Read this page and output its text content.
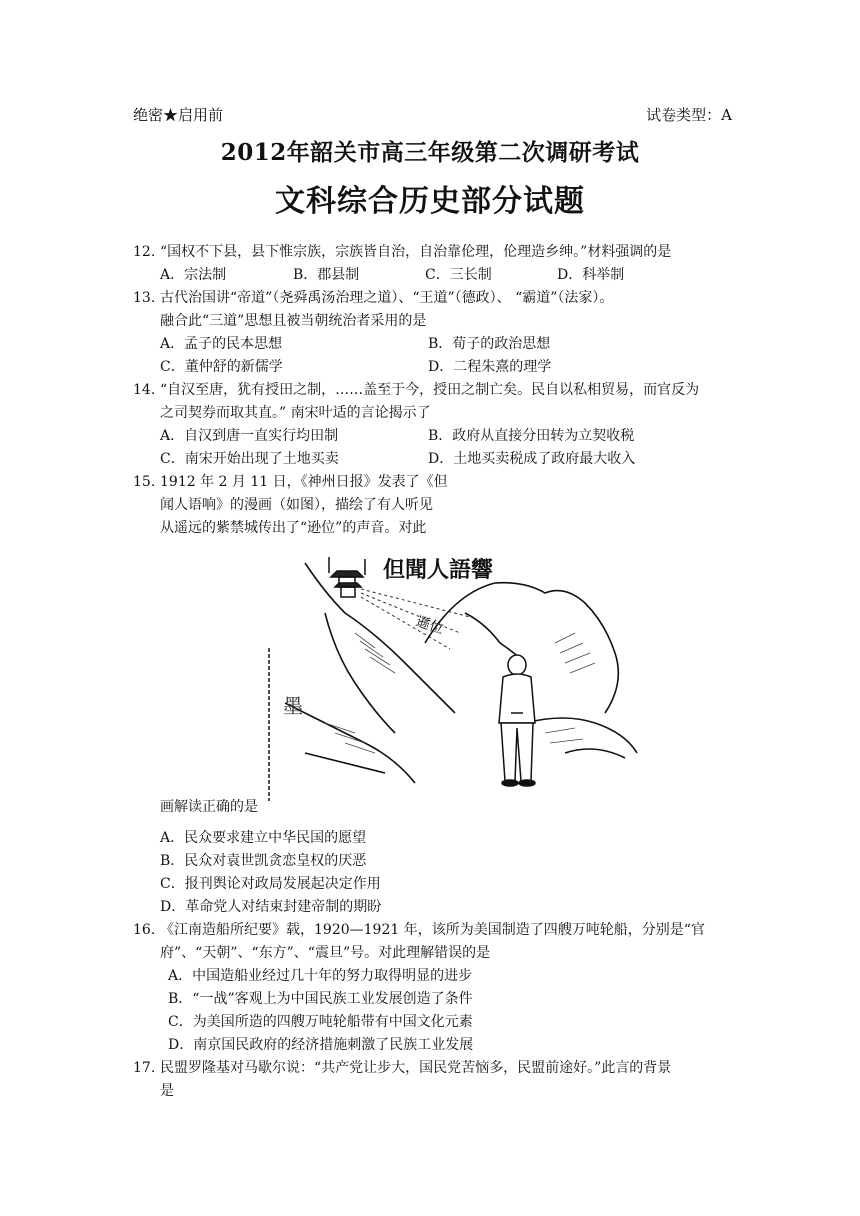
绝密★启用前	试卷类型：A
2012年韶关市高三年级第二次调研考试
文科综合历史部分试题
12. “国权不下县，县下惟宗族，宗族皆自治，自治靠伦理，伦理造乡绅。”材料强调的是
A．宗法制	B．郡县制	C．三长制	D．科举制
13. 古代治国讲“帝道”（尧舜禹汤治理之道）、“王道”（德政）、 “霸道”（法家）。
融合此“三道”思想且被当朝统治者采用的是
A．孟子的民本思想	B．荀子的政治思想
C．董仲舒的新儒学	D．二程朱熹的理学
14. “自汉至唐，犹有授田之制，……盖至于今，授田之制亡矣。民自以私相贸易，而官反为
之司契券而取其直。” 南宋叶适的言论揭示了
A．自汉到唐一直实行均田制	B．政府从直接分田转为立契收税
C．南宋开始出现了土地买卖	D．土地买卖税成了政府最大收入
15. 1912 年 2 月 11 日，《神州日报》发表了《但
闻人语响》的漫画（如图），描绘了有人听见
从遥远的紫禁城传出了“逊位”的声音。对此
但聞人語響
遜位
墨
画解读正确的是
A．民众要求建立中华民国的愿望
B．民众对袁世凯贪恋皇权的厌恶
C．报刊舆论对政局发展起决定作用
D．革命党人对结束封建帝制的期盼
16. 《江南造船所纪要》载，1920—1921 年，该所为美国制造了四艘万吨轮船，分别是“官
府”、“天朝”、“东方”、“震旦”号。对此理解错误的是
A．中国造船业经过几十年的努力取得明显的进步
B．“一战”客观上为中国民族工业发展创造了条件
C．为美国所造的四艘万吨轮船带有中国文化元素
D．南京国民政府的经济措施刺激了民族工业发展
17. 民盟罗隆基对马歇尔说：“共产党让步大，国民党苦恼多，民盟前途好。”此言的背景
是
